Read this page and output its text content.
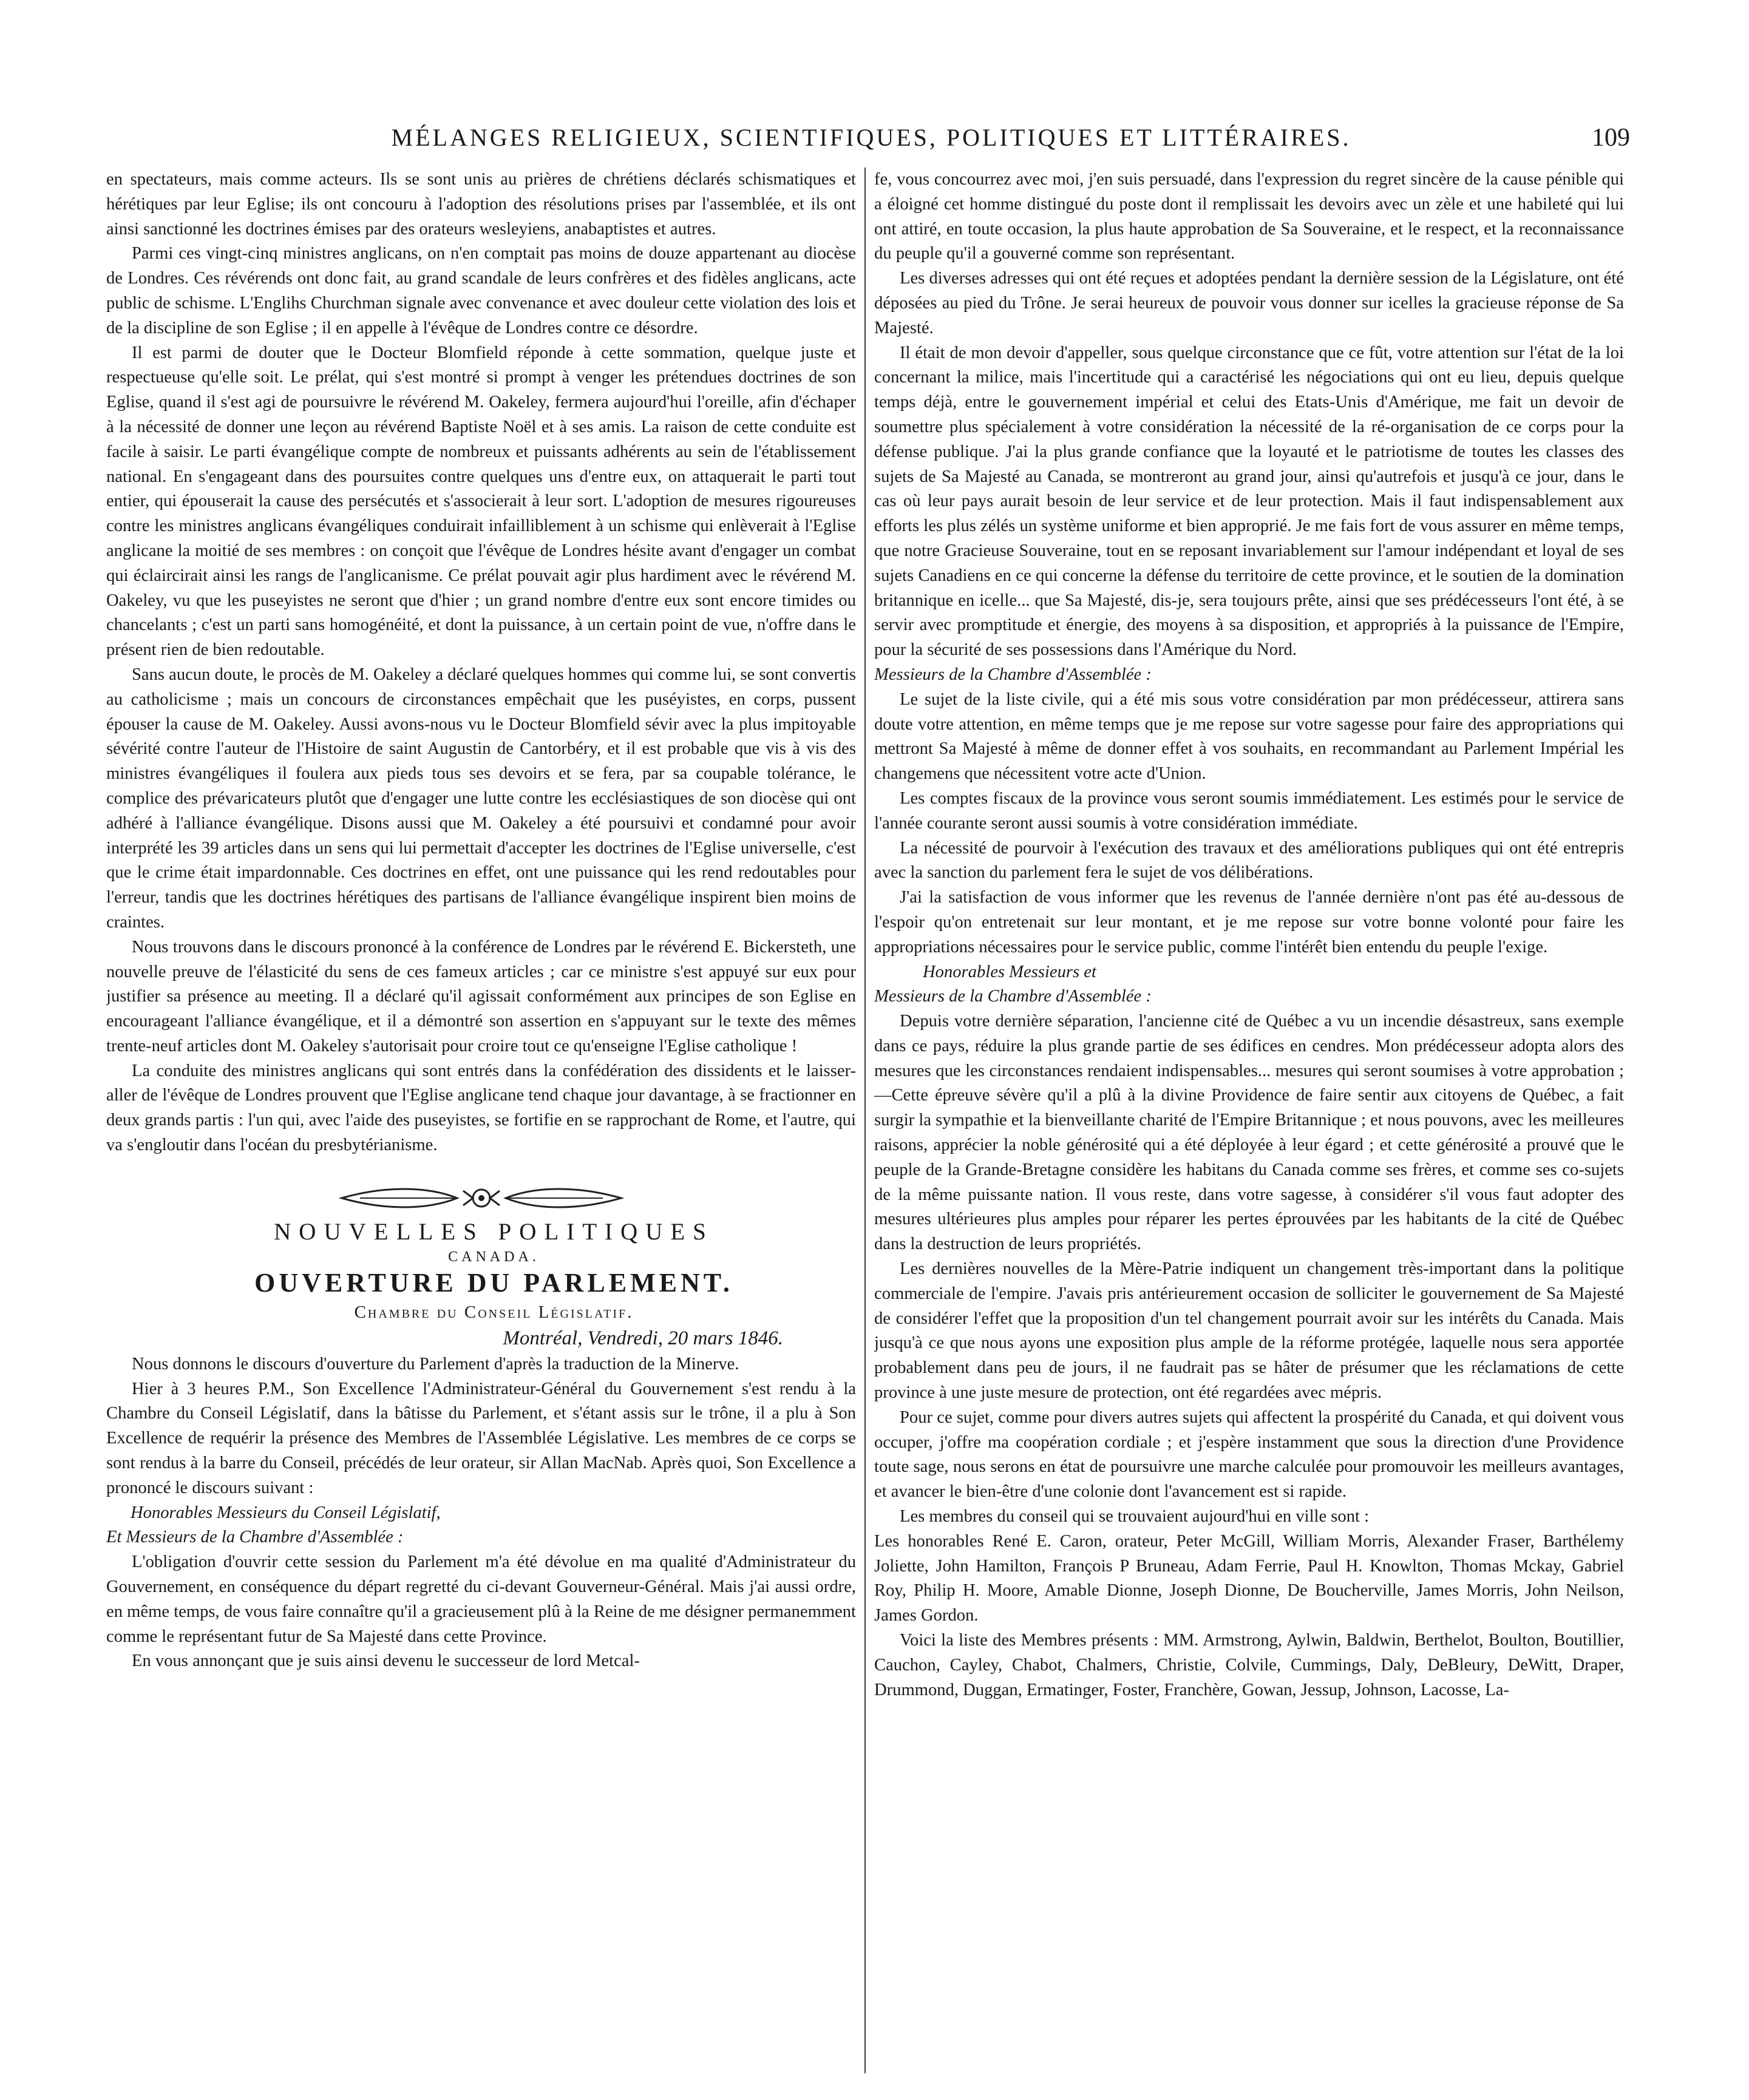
MÉLANGES RELIGIEUX, SCIENTIFIQUES, POLITIQUES ET LITTÉRAIRES.	109

en spectateurs, mais comme acteurs. Ils se sont unis au prières de chrétiens déclarés schismatiques et hérétiques par leur Eglise; ils ont concouru à l'adoption des résolutions prises par l'assemblée, et ils ont ainsi sanctionné les doctrines émises par des orateurs wesleyiens, anabaptistes et autres.

Parmi ces vingt-cinq ministres anglicans, on n'en comptait pas moins de douze appartenant au diocèse de Londres. Ces révérends ont donc fait, au grand scandale de leurs confrères et des fidèles anglicans, acte public de schisme. L'Englihs Churchman signale avec convenance et avec douleur cette violation des lois et de la discipline de son Eglise ; il en appelle à l'évêque de Londres contre ce désordre.

Il est parmi de douter que le Docteur Blomfield réponde à cette sommation, quelque juste et respectueuse qu'elle soit. Le prélat, qui s'est montré si prompt à venger les prétendues doctrines de son Eglise, quand il s'est agi de poursuivre le révérend M. Oakeley, fermera aujourd'hui l'oreille, afin d'échaper à la nécessité de donner une leçon au révérend Baptiste Noël et à ses amis. La raison de cette conduite est facile à saisir. Le parti évangélique compte de nombreux et puissants adhérents au sein de l'établissement national. En s'engageant dans des poursuites contre quelques uns d'entre eux, on attaquerait le parti tout entier, qui épouserait la cause des persécutés et s'associerait à leur sort. L'adoption de mesures rigoureuses contre les ministres anglicans évangéliques conduirait infailliblement à un schisme qui enlèverait à l'Eglise anglicane la moitié de ses membres : on conçoit que l'évêque de Londres hésite avant d'engager un combat qui éclaircirait ainsi les rangs de l'anglicanisme. Ce prélat pouvait agir plus hardiment avec le révérend M. Oakeley, vu que les puseyistes ne seront que d'hier ; un grand nombre d'entre eux sont encore timides ou chancelants ; c'est un parti sans homogénéité, et dont la puissance, à un certain point de vue, n'offre dans le présent rien de bien redoutable.

Sans aucun doute, le procès de M. Oakeley a déclaré quelques hommes qui comme lui, se sont convertis au catholicisme ; mais un concours de circonstances empêchait que les puséyistes, en corps, pussent épouser la cause de M. Oakeley. Aussi avons-nous vu le Docteur Blomfield sévir avec la plus impitoyable sévérité contre l'auteur de l'Histoire de saint Augustin de Cantorbéry, et il est probable que vis à vis des ministres évangéliques il foulera aux pieds tous ses devoirs et se fera, par sa coupable tolérance, le complice des prévaricateurs plutôt que d'engager une lutte contre les ecclésiastiques de son diocèse qui ont adhéré à l'alliance évangélique. Disons aussi que M. Oakeley a été poursuivi et condamné pour avoir interprété les 39 articles dans un sens qui lui permettait d'accepter les doctrines de l'Eglise universelle, c'est que le crime était impardonnable. Ces doctrines en effet, ont une puissance qui les rend redoutables pour l'erreur, tandis que les doctrines hérétiques des partisans de l'alliance évangélique inspirent bien moins de craintes.

Nous trouvons dans le discours prononcé à la conférence de Londres par le révérend E. Bickersteth, une nouvelle preuve de l'élasticité du sens de ces fameux articles ; car ce ministre s'est appuyé sur eux pour justifier sa présence au meeting. Il a déclaré qu'il agissait conformément aux principes de son Eglise en encourageant l'alliance évangélique, et il a démontré son assertion en s'appuyant sur le texte des mêmes trente-neuf articles dont M. Oakeley s'autorisait pour croire tout ce qu'enseigne l'Eglise catholique !

La conduite des ministres anglicans qui sont entrés dans la confédération des dissidents et le laisser-aller de l'évêque de Londres prouvent que l'Eglise anglicane tend chaque jour davantage, à se fractionner en deux grands partis : l'un qui, avec l'aide des puseyistes, se fortifie en se rapprochant de Rome, et l'autre, qui va s'engloutir dans l'océan du presbytérianisme.

NOUVELLES POLITIQUES

CANADA.

OUVERTURE DU PARLEMENT.

Chambre du Conseil Législatif.

Montréal, Vendredi, 20 mars 1846.

Nous donnons le discours d'ouverture du Parlement d'après la traduction de la Minerve.

Hier à 3 heures P.M., Son Excellence l'Administrateur-Général du Gouvernement s'est rendu à la Chambre du Conseil Législatif, dans la bâtisse du Parlement, et s'étant assis sur le trône, il a plu à Son Excellence de requérir la présence des Membres de l'Assemblée Législative. Les membres de ce corps se sont rendus à la barre du Conseil, précédés de leur orateur, sir Allan MacNab. Après quoi, Son Excellence a prononcé le discours suivant :

Honorables Messieurs du Conseil Législatif,

Et Messieurs de la Chambre d'Assemblée :

L'obligation d'ouvrir cette session du Parlement m'a été dévolue en ma qualité d'Administrateur du Gouvernement, en conséquence du départ regretté du ci-devant Gouverneur-Général. Mais j'ai aussi ordre, en même temps, de vous faire connaître qu'il a gracieusement plû à la Reine de me désigner permanemment comme le représentant futur de Sa Majesté dans cette Province.

En vous annonçant que je suis ainsi devenu le successeur de lord Metcal-

fe, vous concourrez avec moi, j'en suis persuadé, dans l'expression du regret sincère de la cause pénible qui a éloigné cet homme distingué du poste dont il remplissait les devoirs avec un zèle et une habileté qui lui ont attiré, en toute occasion, la plus haute approbation de Sa Souveraine, et le respect, et la reconnaissance du peuple qu'il a gouverné comme son représentant.

Les diverses adresses qui ont été reçues et adoptées pendant la dernière session de la Législature, ont été déposées au pied du Trône. Je serai heureux de pouvoir vous donner sur icelles la gracieuse réponse de Sa Majesté.

Il était de mon devoir d'appeller, sous quelque circonstance que ce fût, votre attention sur l'état de la loi concernant la milice, mais l'incertitude qui a caractérisé les négociations qui ont eu lieu, depuis quelque temps déjà, entre le gouvernement impérial et celui des Etats-Unis d'Amérique, me fait un devoir de soumettre plus spécialement à votre considération la nécessité de la ré-organisation de ce corps pour la défense publique. J'ai la plus grande confiance que la loyauté et le patriotisme de toutes les classes des sujets de Sa Majesté au Canada, se montreront au grand jour, ainsi qu'autrefois et jusqu'à ce jour, dans le cas où leur pays aurait besoin de leur service et de leur protection. Mais il faut indispensablement aux efforts les plus zélés un système uniforme et bien approprié. Je me fais fort de vous assurer en même temps, que notre Gracieuse Souveraine, tout en se reposant invariablement sur l'amour indépendant et loyal de ses sujets Canadiens en ce qui concerne la défense du territoire de cette province, et le soutien de la domination britannique en icelle... que Sa Majesté, dis-je, sera toujours prête, ainsi que ses prédécesseurs l'ont été, à se servir avec promptitude et énergie, des moyens à sa disposition, et appropriés à la puissance de l'Empire, pour la sécurité de ses possessions dans l'Amérique du Nord.

Messieurs de la Chambre d'Assemblée :

Le sujet de la liste civile, qui a été mis sous votre considération par mon prédécesseur, attirera sans doute votre attention, en même temps que je me repose sur votre sagesse pour faire des appropriations qui mettront Sa Majesté à même de donner effet à vos souhaits, en recommandant au Parlement Impérial les changemens que nécessitent votre acte d'Union.

Les comptes fiscaux de la province vous seront soumis immédiatement. Les estimés pour le service de l'année courante seront aussi soumis à votre considération immédiate.

La nécessité de pourvoir à l'exécution des travaux et des améliorations publiques qui ont été entrepris avec la sanction du parlement fera le sujet de vos délibérations.

J'ai la satisfaction de vous informer que les revenus de l'année dernière n'ont pas été au-dessous de l'espoir qu'on entretenait sur leur montant, et je me repose sur votre bonne volonté pour faire les appropriations nécessaires pour le service public, comme l'intérêt bien entendu du peuple l'exige.

Honorables Messieurs et

Messieurs de la Chambre d'Assemblée :

Depuis votre dernière séparation, l'ancienne cité de Québec a vu un incendie désastreux, sans exemple dans ce pays, réduire la plus grande partie de ses édifices en cendres. Mon prédécesseur adopta alors des mesures que les circonstances rendaient indispensables... mesures qui seront soumises à votre approbation ;—Cette épreuve sévère qu'il a plû à la divine Providence de faire sentir aux citoyens de Québec, a fait surgir la sympathie et la bienveillante charité de l'Empire Britannique ; et nous pouvons, avec les meilleures raisons, apprécier la noble générosité qui a été déployée à leur égard ; et cette générosité a prouvé que le peuple de la Grande-Bretagne considère les habitans du Canada comme ses frères, et comme ses co-sujets de la même puissante nation. Il vous reste, dans votre sagesse, à considérer s'il vous faut adopter des mesures ultérieures plus amples pour réparer les pertes éprouvées par les habitants de la cité de Québec dans la destruction de leurs propriétés.

Les dernières nouvelles de la Mère-Patrie indiquent un changement très-important dans la politique commerciale de l'empire. J'avais pris antérieurement occasion de solliciter le gouvernement de Sa Majesté de considérer l'effet que la proposition d'un tel changement pourrait avoir sur les intérêts du Canada. Mais jusqu'à ce que nous ayons une exposition plus ample de la réforme protégée, laquelle nous sera apportée probablement dans peu de jours, il ne faudrait pas se hâter de présumer que les réclamations de cette province à une juste mesure de protection, ont été regardées avec mépris.

Pour ce sujet, comme pour divers autres sujets qui affectent la prospérité du Canada, et qui doivent vous occuper, j'offre ma coopération cordiale ; et j'espère instamment que sous la direction d'une Providence toute sage, nous serons en état de poursuivre une marche calculée pour promouvoir les meilleurs avantages, et avancer le bien-être d'une colonie dont l'avancement est si rapide.

Les membres du conseil qui se trouvaient aujourd'hui en ville sont :

Les honorables René E. Caron, orateur, Peter McGill, William Morris, Alexander Fraser, Barthélemy Joliette, John Hamilton, François P Bruneau, Adam Ferrie, Paul H. Knowlton, Thomas Mckay, Gabriel Roy, Philip H. Moore, Amable Dionne, Joseph Dionne, De Boucherville, James Morris, John Neilson, James Gordon.

Voici la liste des Membres présents : MM. Armstrong, Aylwin, Baldwin, Berthelot, Boulton, Boutillier, Cauchon, Cayley, Chabot, Chalmers, Christie, Colvile, Cummings, Daly, DeBleury, DeWitt, Draper, Drummond, Duggan, Ermatinger, Foster, Franchère, Gowan, Jessup, Johnson, Lacosse, La-
